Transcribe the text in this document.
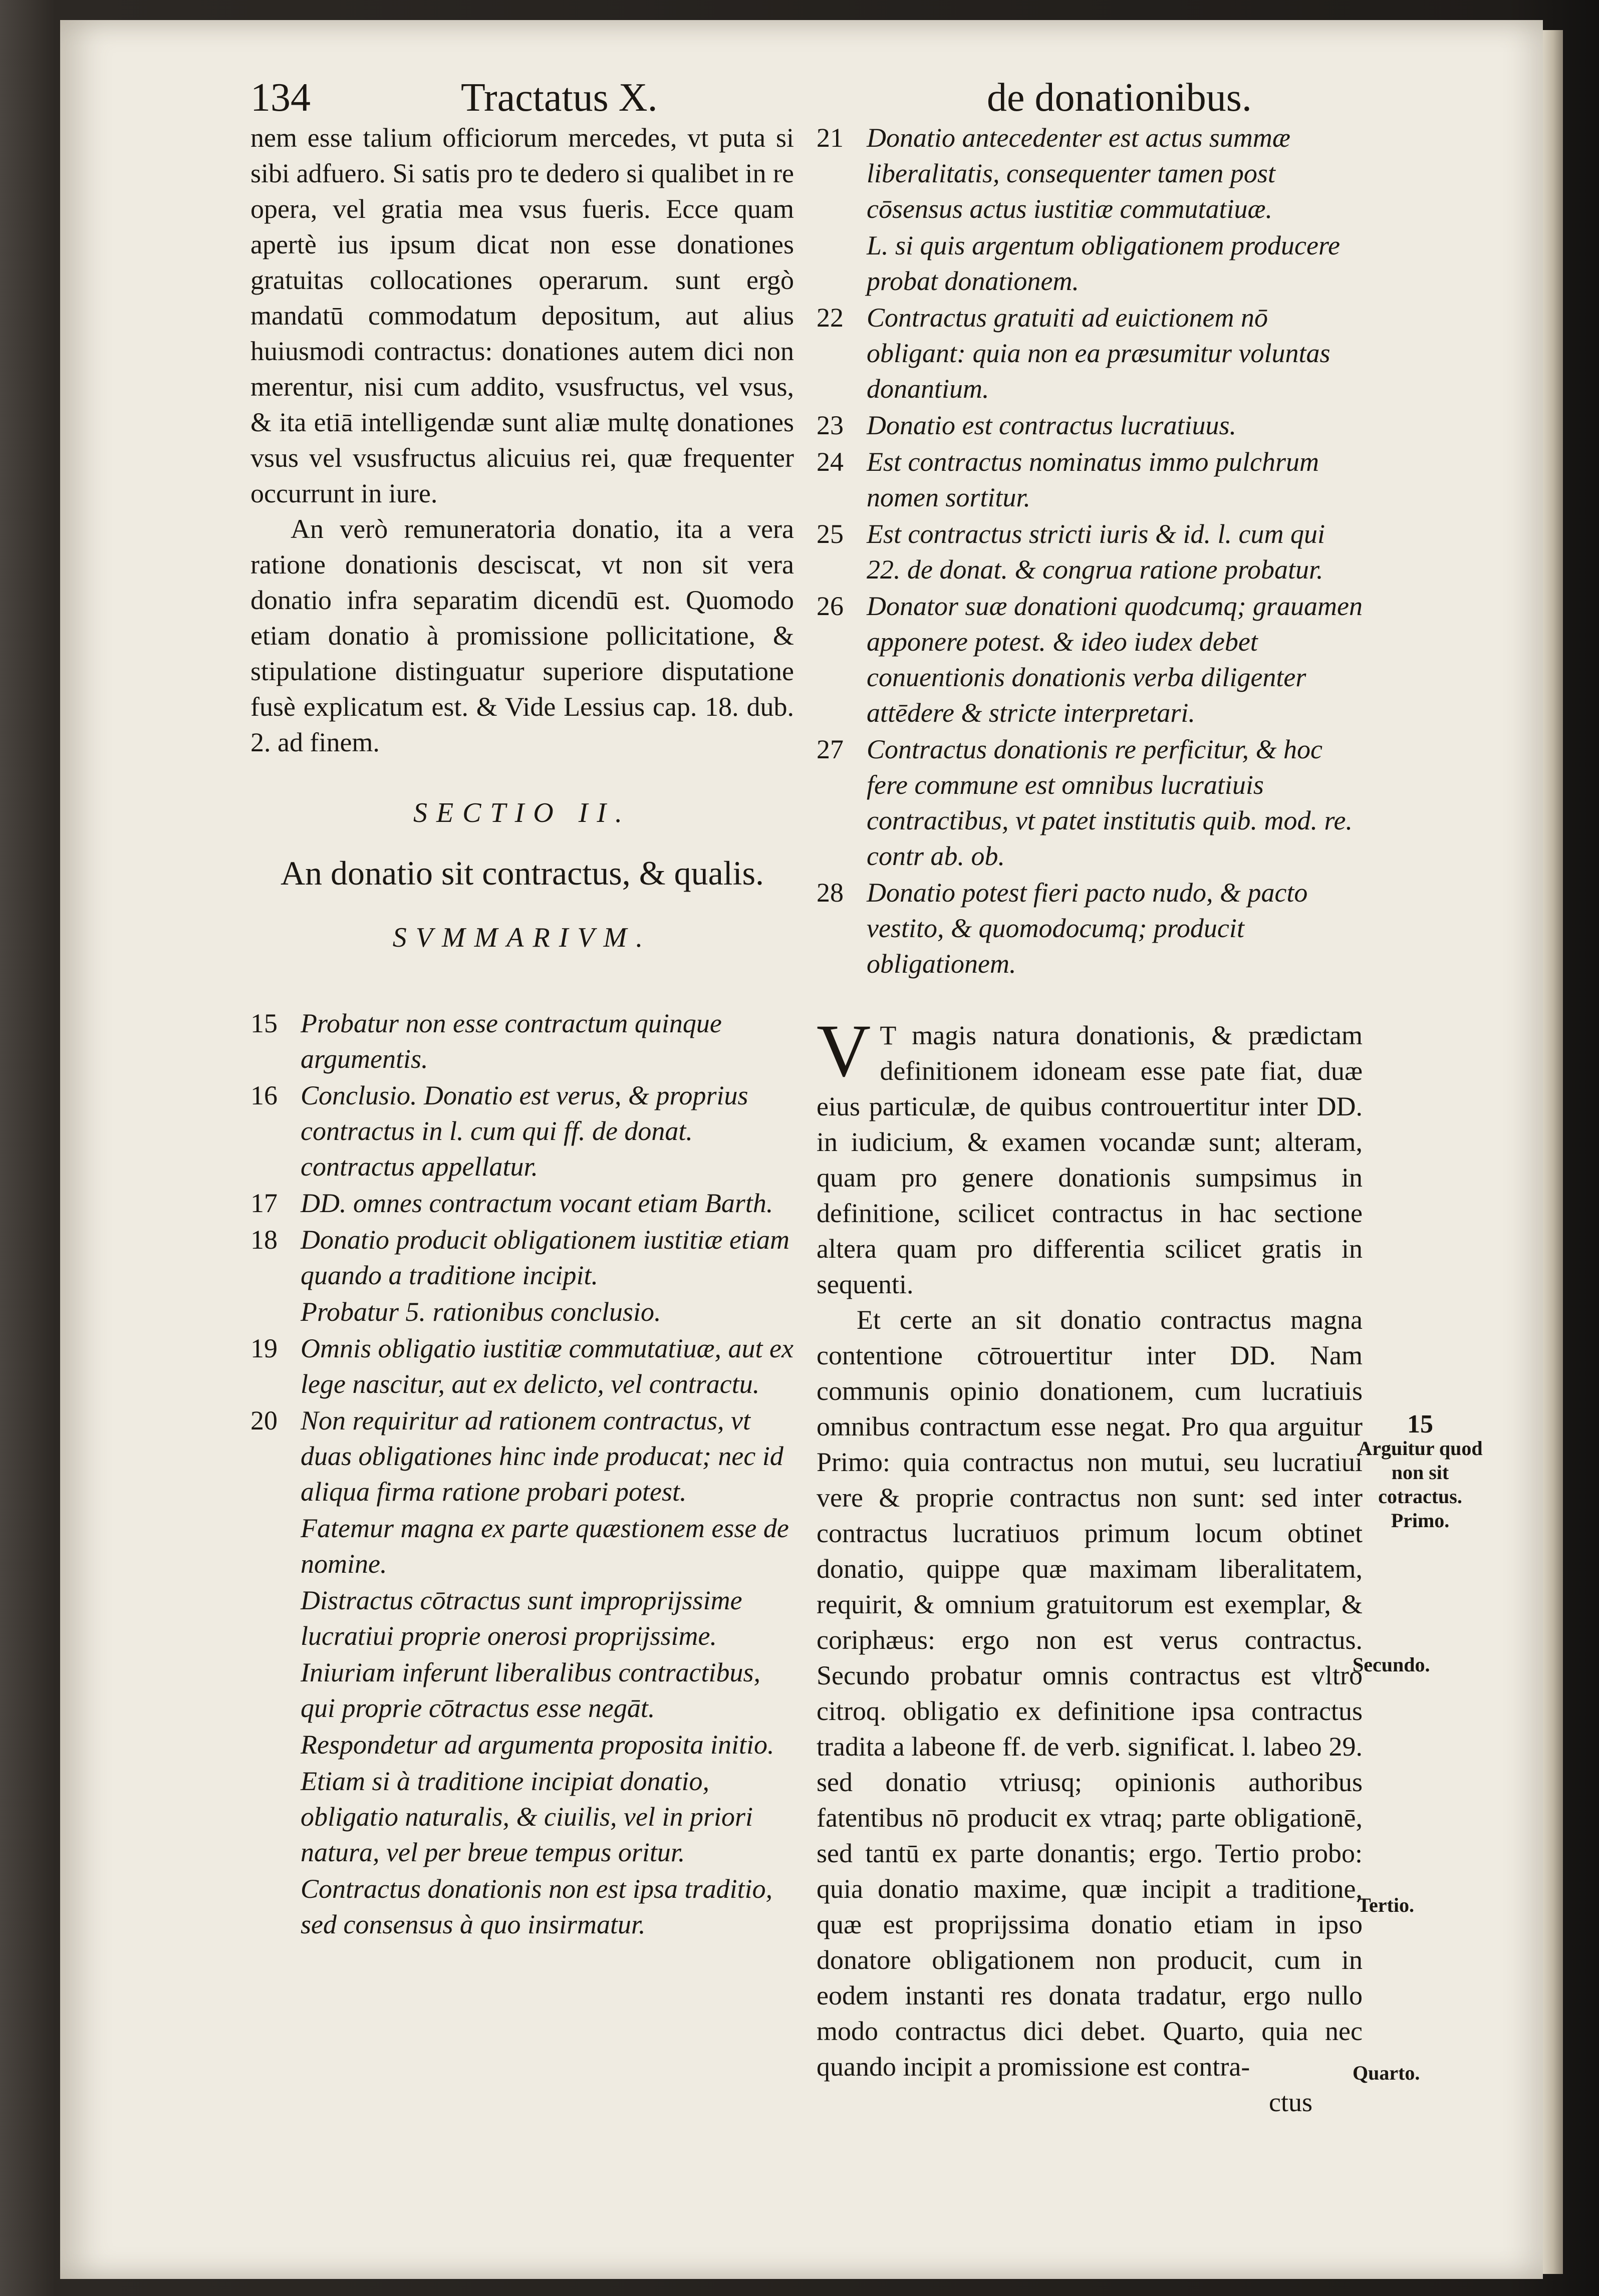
134	Tractatus X.	de donationibus.

nem esse talium officiorum mercedes, vt puta si sibi adfuero. Si satis pro te dedero si qualibet in re opera, vel gratia mea vsus fueris. Ecce quam apertè ius ipsum dicat non esse donationes gratuitas collocationes operarum. sunt ergò mandatū commodatum depositum, aut alius huiusmodi contractus: donationes autem dici non merentur, nisi cum addito, vsusfructus, vel vsus, & ita etiā intelligendæ sunt aliæ multę donationes vsus vel vsusfructus alicuius rei, quæ frequenter occurrunt in iure.

An verò remuneratoria donatio, ita a vera ratione donationis desciscat, vt non sit vera donatio infra separatim dicendū est. Quomodo etiam donatio à promissione pollicitatione, & stipulatione distinguatur superiore disputatione fusè explicatum est. & Vide Lessius cap. 18. dub. 2. ad finem.

SECTIO II.
An donatio sit contractus, & qualis.
SVMMARIVM.

15 Probatur non esse contractum quinque argumentis.

16 Conclusio. Donatio est verus, & proprius contractus in l. cum qui ff. de donat. contractus appellatur.

17 DD. omnes contractum vocant etiam Barth.

18 Donatio producit obligationem iustitiæ etiam quando a traditione incipit.

Probatur 5. rationibus conclusio.

19 Omnis obligatio iustitiæ commutatiuæ, aut ex lege nascitur, aut ex delicto, vel contractu.

20 Non requiritur ad rationem contractus, vt duas obligationes hinc inde producat; nec id aliqua firma ratione probari potest.

Fatemur magna ex parte quæstionem esse de nomine.

Distractus cōtractus sunt improprijssime lucratiui proprie onerosi proprijssime.

Iniuriam inferunt liberalibus contractibus, qui proprie cōtractus esse negāt.

Respondetur ad argumenta proposita initio.

Etiam si à traditione incipiat donatio, obligatio naturalis, & ciuilis, vel in priori natura, vel per breue tempus oritur.

Contractus donationis non est ipsa traditio, sed consensus à quo insirmatur.

21 Donatio antecedenter est actus summæ liberalitatis, consequenter tamen post cōsensus actus iustitiæ commutatiuæ.

L. si quis argentum obligationem producere probat donationem.

22 Contractus gratuiti ad euictionem nō obligant: quia non ea præsumitur voluntas donantium.

23 Donatio est contractus lucratiuus.

24 Est contractus nominatus immo pulchrum nomen sortitur.

25 Est contractus stricti iuris & id. l. cum qui 22. de donat. & congrua ratione probatur.

26 Donator suæ donationi quodcumq; grauamen apponere potest. & ideo iudex debet conuentionis donationis verba diligenter attēdere & stricte interpretari.

27 Contractus donationis re perficitur, & hoc fere commune est omnibus lucratiuis contractibus, vt patet institutis quib. mod. re. contr ab. ob.

28 Donatio potest fieri pacto nudo, & pacto vestito, & quomodocumq; producit obligationem.

V T magis natura donationis, & prædictam definitionem idoneam esse pate fiat, duæ eius particulæ, de quibus controuertitur inter DD. in iudicium, & examen vocandæ sunt; alteram, quam pro genere donationis sumpsimus in definitione, scilicet contractus in hac sectione altera quam pro differentia scilicet gratis in sequenti.

Et certe an sit donatio contractus magna contentione cōtrouertitur inter DD. Nam communis opinio donationem, cum lucratiuis omnibus contractum esse negat. Pro qua arguitur Primo: quia contractus non mutui, seu lucratiui vere & proprie contractus non sunt: sed inter contractus lucratiuos primum locum obtinet donatio, quippe quæ maximam liberalitatem, requirit, & omnium gratuitorum est exemplar, & coriphæus: ergo non est verus contractus. Secundo probatur omnis contractus est vltro citroq. obligatio ex definitione ipsa contractus tradita a labeone ff. de verb. significat. l. labeo 29. sed donatio vtriusq; opinionis authoribus fatentibus nō producit ex vtraq; parte obligationē, sed tantū ex parte donantis; ergo. Tertio probo: quia donatio maxime, quæ incipit a traditione, quæ est proprijssima donatio etiam in ipso donatore obligationem non producit, cum in eodem instanti res donata tradatur, ergo nullo modo contractus dici debet. Quarto, quia nec quando incipit a promissione est contra-

ctus

15
Arguitur quod non sit cotractus. Primo.
Secundo.
Tertio.
Quarto.
